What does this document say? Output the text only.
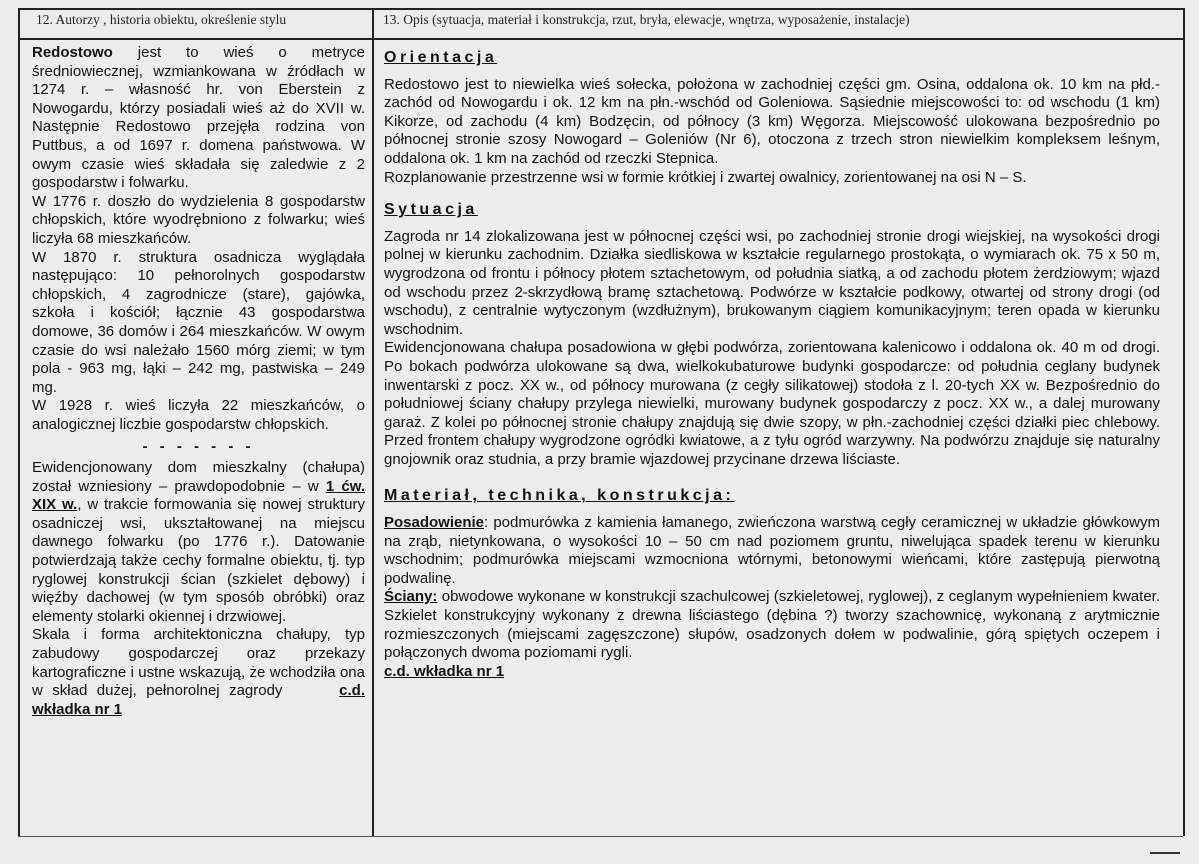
12. Autorzy , historia obiektu, określenie stylu	13. Opis (sytuacja, materiał i konstrukcja, rzut, bryła, elewacje, wnętrza, wyposażenie, instalacje)

Redostowo jest to wieś o metryce średniowiecznej, wzmiankowana w źródłach w 1274 r. – własność hr. von Eberstein z Nowogardu, którzy posiadali wieś aż do XVII w. Następnie Redostowo przejęła rodzina von Puttbus, a od 1697 r. domena państwowa. W owym czasie wieś składała się zaledwie z 2 gospodarstw i folwarku.

W 1776 r. doszło do wydzielenia 8 gospodarstw chłopskich, które wyodrębniono z folwarku; wieś liczyła 68 mieszkańców.

W 1870 r. struktura osadnicza wyglądała następująco: 10 pełnorolnych gospodarstw chłopskich, 4 zagrodnicze (stare), gajówka, szkoła i kościół; łącznie 43 gospodarstwa domowe, 36 domów i 264 mieszkańców. W owym czasie do wsi należało 1560 mórg ziemi; w tym pola - 963 mg, łąki – 242 mg, pastwiska – 249 mg.

W 1928 r. wieś liczyła 22 mieszkańców, o analogicznej liczbie gospodarstw chłopskich.

- - - - - - -

Ewidencjonowany dom mieszkalny (chałupa) został wzniesiony – prawdopodobnie – w 1 ćw. XIX w., w trakcie formowania się nowej struktury osadniczej wsi, ukształtowanej na miejscu dawnego folwarku (po 1776 r.). Datowanie potwierdzają także cechy formalne obiektu, tj. typ ryglowej konstrukcji ścian (szkielet dębowy) i więźby dachowej (w tym sposób obróbki) oraz elementy stolarki okiennej i drzwiowej.

Skala i forma architektoniczna chałupy, typ zabudowy gospodarczej oraz przekazy kartograficzne i ustne wskazują, że wchodziła ona w skład dużej, pełnorolnej zagrody	c.d. wkładka nr 1

Orientacja

Redostowo jest to niewielka wieś sołecka, położona w zachodniej części gm. Osina, oddalona ok. 10 km na płd.-zachód od Nowogardu i ok. 12 km na płn.-wschód od Goleniowa. Sąsiednie miejscowości to: od wschodu (1 km) Kikorze, od zachodu (4 km) Bodzęcin, od północy (3 km) Węgorza. Miejscowość ulokowana bezpośrednio po północnej stronie szosy Nowogard – Goleniów (Nr 6), otoczona z trzech stron niewielkim kompleksem leśnym, oddalona ok. 1 km na zachód od rzeczki Stepnica.

Rozplanowanie przestrzenne wsi w formie krótkiej i zwartej owalnicy, zorientowanej na osi N – S.

Sytuacja

Zagroda nr 14 zlokalizowana jest w północnej części wsi, po zachodniej stronie drogi wiejskiej, na wysokości drogi polnej w kierunku zachodnim. Działka siedliskowa w kształcie regularnego prostokąta, o wymiarach ok. 75 x 50 m, wygrodzona od frontu i północy płotem sztachetowym, od południa siatką, a od zachodu płotem żerdziowym; wjazd od wschodu przez 2-skrzydłową bramę sztachetową. Podwórze w kształcie podkowy, otwartej od strony drogi (od wschodu), z centralnie wytyczonym (wzdłużnym), brukowanym ciągiem komunikacyjnym; teren opada w kierunku wschodnim.

Ewidencjonowana chałupa posadowiona w głębi podwórza, zorientowana kalenicowo i oddalona ok. 40 m od drogi. Po bokach podwórza ulokowane są dwa, wielkokubaturowe budynki gospodarcze: od południa ceglany budynek inwentarski z pocz. XX w., od północy murowana (z cegły silikatowej) stodoła z l. 20-tych XX w. Bezpośrednio do południowej ściany chałupy przylega niewielki, murowany budynek gospodarczy z pocz. XX w., a dalej murowany garaż. Z kolei po północnej stronie chałupy znajdują się dwie szopy, w płn.-zachodniej części działki piec chlebowy. Przed frontem chałupy wygrodzone ogródki kwiatowe, a z tyłu ogród warzywny. Na podwórzu znajduje się naturalny gnojownik oraz studnia, a przy bramie wjazdowej przycinane drzewa liściaste.

Materiał, technika, konstrukcja:

Posadowienie: podmurówka z kamienia łamanego, zwieńczona warstwą cegły ceramicznej w układzie główkowym na zrąb, nietynkowana, o wysokości 10 – 50 cm nad poziomem gruntu, niwelująca spadek terenu w kierunku wschodnim; podmurówka miejscami wzmocniona wtórnymi, betonowymi wieńcami, które zastępują pierwotną podwalinę.

Ściany: obwodowe wykonane w konstrukcji szachulcowej (szkieletowej, ryglowej), z ceglanym wypełnieniem kwater. Szkielet konstrukcyjny wykonany z drewna liściastego (dębina ?) tworzy szachownicę, wykonaną z arytmicznie rozmieszczonych (miejscami zagęszczone) słupów, osadzonych dołem w podwalinie, górą spiętych oczepem i połączonych dwoma poziomami rygli.

c.d. wkładka nr 1
